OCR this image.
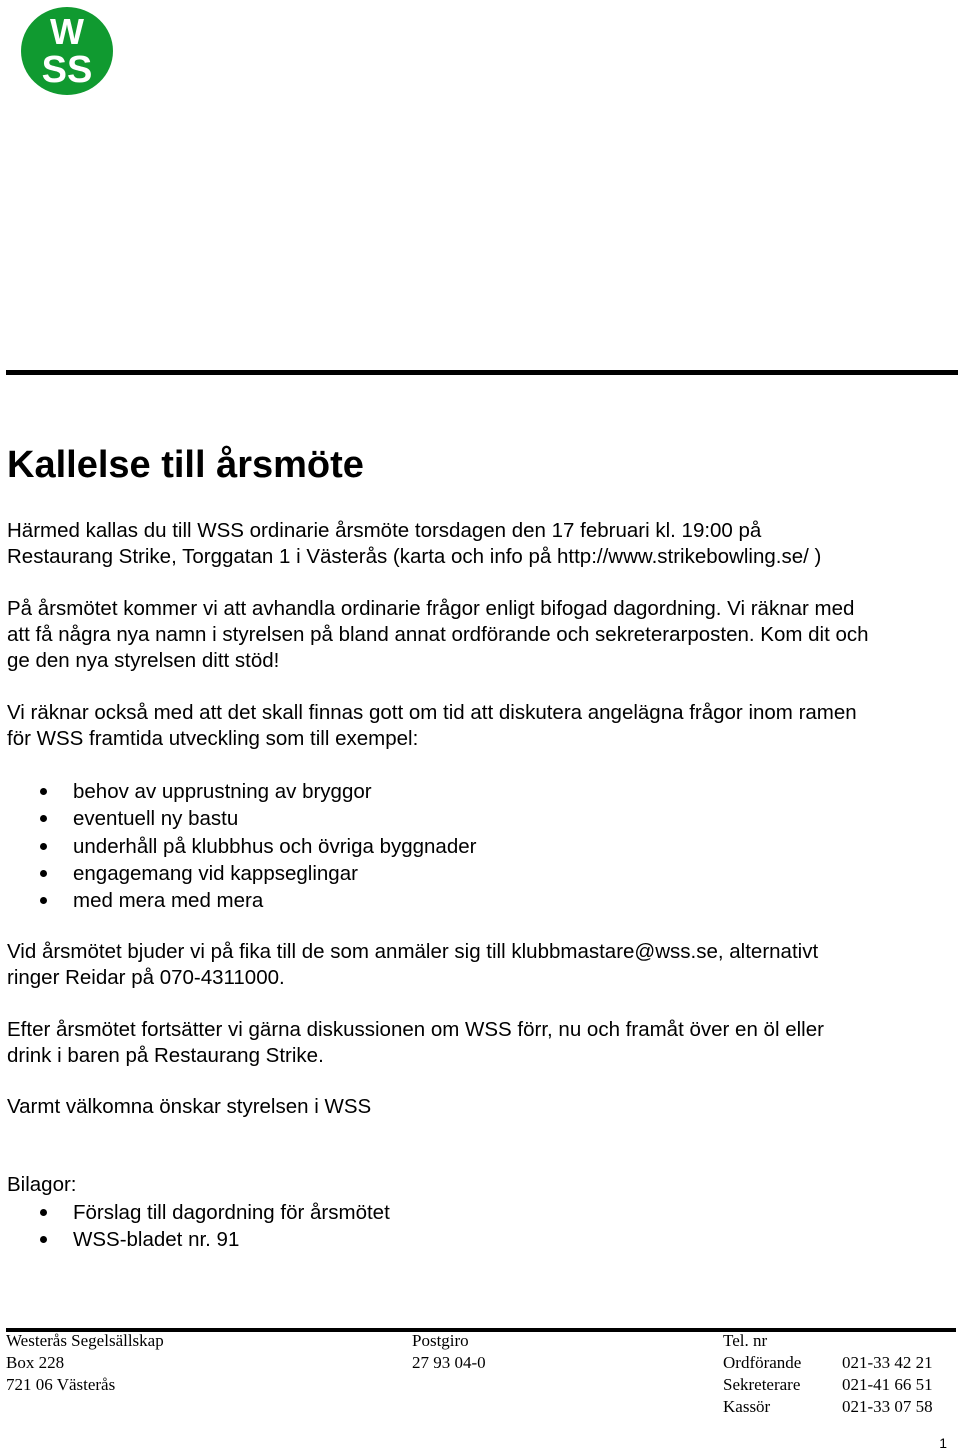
W
SS
Kallelse till årsmöte
Härmed kallas du till WSS ordinarie årsmöte torsdagen den 17 februari kl. 19:00 på
Restaurang Strike, Torggatan 1 i Västerås (karta och info på http://www.strikebowling.se/ )
På årsmötet kommer vi att avhandla ordinarie frågor enligt bifogad dagordning. Vi räknar med
att få några nya namn i styrelsen på bland annat ordförande och sekreterarposten. Kom dit och
ge den nya styrelsen ditt stöd!
Vi räknar också med att det skall finnas gott om tid att diskutera angelägna frågor inom ramen
för WSS framtida utveckling som till exempel:
behov av upprustning av bryggor
eventuell ny bastu
underhåll på klubbhus och övriga byggnader
engagemang vid kappseglingar
med mera med mera
Vid årsmötet bjuder vi på fika till de som anmäler sig till klubbmastare@wss.se, alternativt
ringer Reidar på 070-4311000.
Efter årsmötet fortsätter vi gärna diskussionen om WSS förr, nu och framåt över en öl eller
drink i baren på Restaurang Strike.
Varmt välkomna önskar styrelsen i WSS
Bilagor:
Förslag till dagordning för årsmötet
WSS-bladet nr. 91
Westerås Segelsällskap
Box 228
721 06 Västerås
Postgiro
27 93 04-0
Tel. nr
Ordförande
Sekreterare
Kassör
021-33 42 21
021-41 66 51
021-33 07 58
1
